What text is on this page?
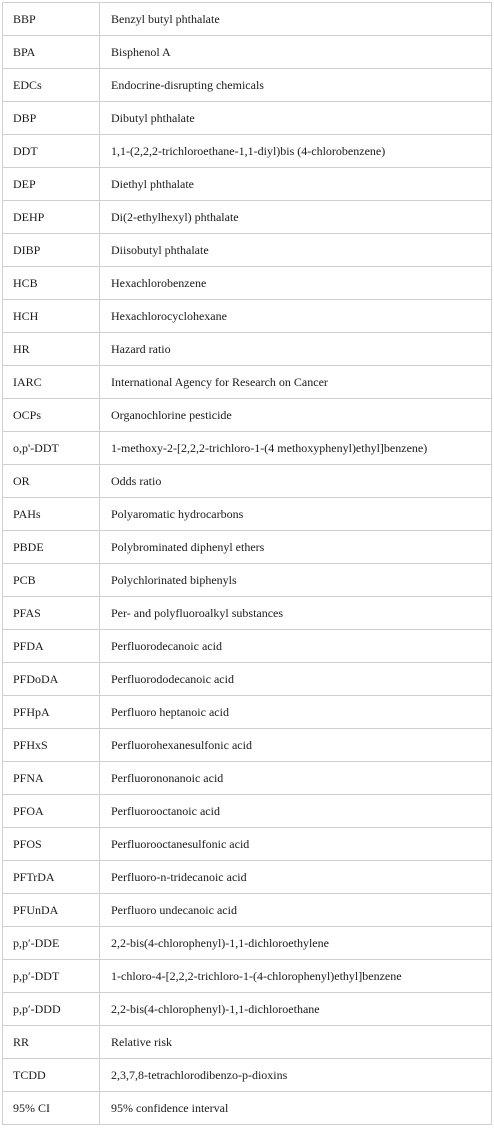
BBP	Benzyl butyl phthalate
BPA	Bisphenol A
EDCs	Endocrine-disrupting chemicals
DBP	Dibutyl phthalate
DDT	1,1-(2,2,2-trichloroethane-1,1-diyl)bis (4-chlorobenzene)
DEP	Diethyl phthalate
DEHP	Di(2-ethylhexyl) phthalate
DIBP	Diisobutyl phthalate
HCB	Hexachlorobenzene
HCH	Hexachlorocyclohexane
HR	Hazard ratio
IARC	International Agency for Research on Cancer
OCPs	Organochlorine pesticide
o,p'-DDT	1-methoxy-2-[2,2,2-trichloro-1-(4 methoxyphenyl)ethyl]benzene)
OR	Odds ratio
PAHs	Polyaromatic hydrocarbons
PBDE	Polybrominated diphenyl ethers
PCB	Polychlorinated biphenyls
PFAS	Per- and polyfluoroalkyl substances
PFDA	Perfluorodecanoic acid
PFDoDA	Perfluorododecanoic acid
PFHpA	Perfluoro heptanoic acid
PFHxS	Perfluorohexanesulfonic acid
PFNA	Perfluorononanoic acid
PFOA	Perfluorooctanoic acid
PFOS	Perfluorooctanesulfonic acid
PFTrDA	Perfluoro-n-tridecanoic acid
PFUnDA	Perfluoro undecanoic acid
p,p′-DDE	2,2-bis(4-chlorophenyl)-1,1-dichloroethylene
p,p′-DDT	1-chloro-4-[2,2,2-trichloro-1-(4-chlorophenyl)ethyl]benzene
p,p′-DDD	2,2-bis(4-chlorophenyl)-1,1-dichloroethane
RR	Relative risk
TCDD	2,3,7,8-tetrachlorodibenzo-p-dioxins
95% CI	95% confidence interval
